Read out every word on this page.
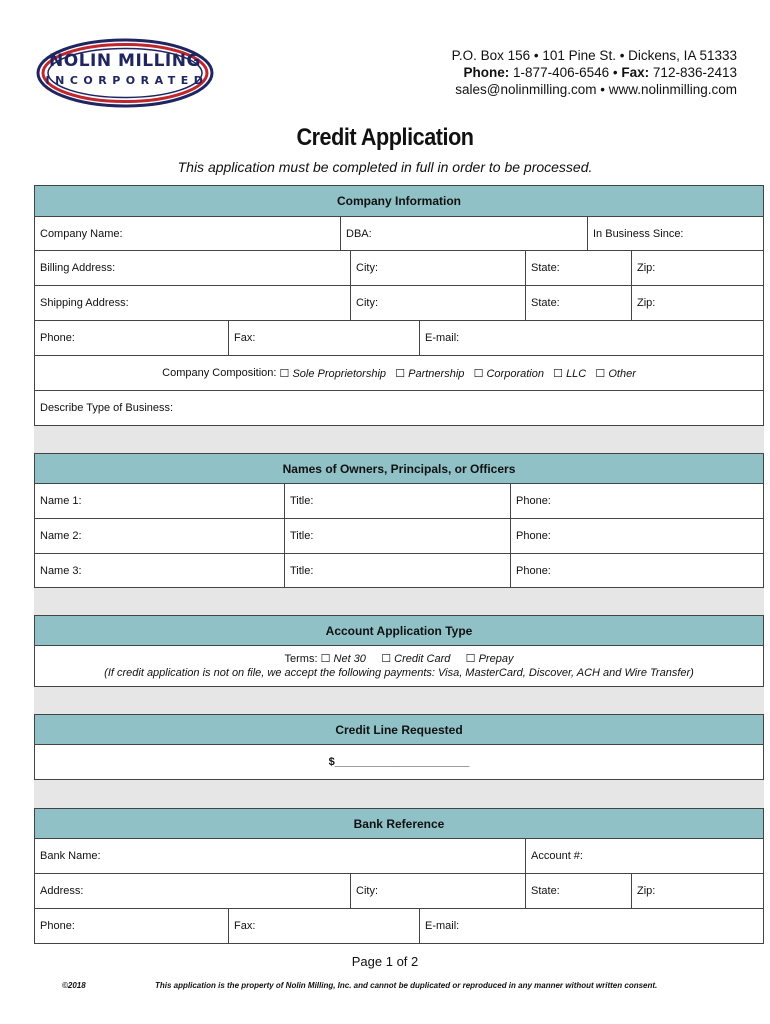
NOLIN MILLING
INCORPORATED
P.O. Box 156 • 101 Pine St. • Dickens, IA 51333
Phone: 1-877-406-6546 • Fax: 712-836-2413
sales@nolinmilling.com • www.nolinmilling.com
Credit Application
This application must be completed in full in order to be processed.
Company Information
Company Name:	DBA:	In Business Since:
Billing Address:	City:	State:	Zip:
Shipping Address:	City:	State:	Zip:
Phone:	Fax:	E-mail:
Company Composition:
☐ Sole Proprietorship
☐ Partnership
☐ Corporation
☐ LLC
☐ Other
Describe Type of Business:
Names of Owners, Principals, or Officers
Name 1:	Title:	Phone:
Name 2:	Title:	Phone:
Name 3:	Title:	Phone:
Account Application Type
Terms: ☐ Net 30 ☐ Credit Card ☐ Prepay
(If credit application is not on file, we accept the following payments: Visa, MasterCard, Discover, ACH and Wire Transfer)
Credit Line Requested
$______________________
Bank Reference
Bank Name:	Account #:
Address:	City:	State:	Zip:
Phone:	Fax:	E-mail:
Page 1 of 2
©2018	This application is the property of Nolin Milling, Inc. and cannot be duplicated or reproduced in any manner without written consent.
